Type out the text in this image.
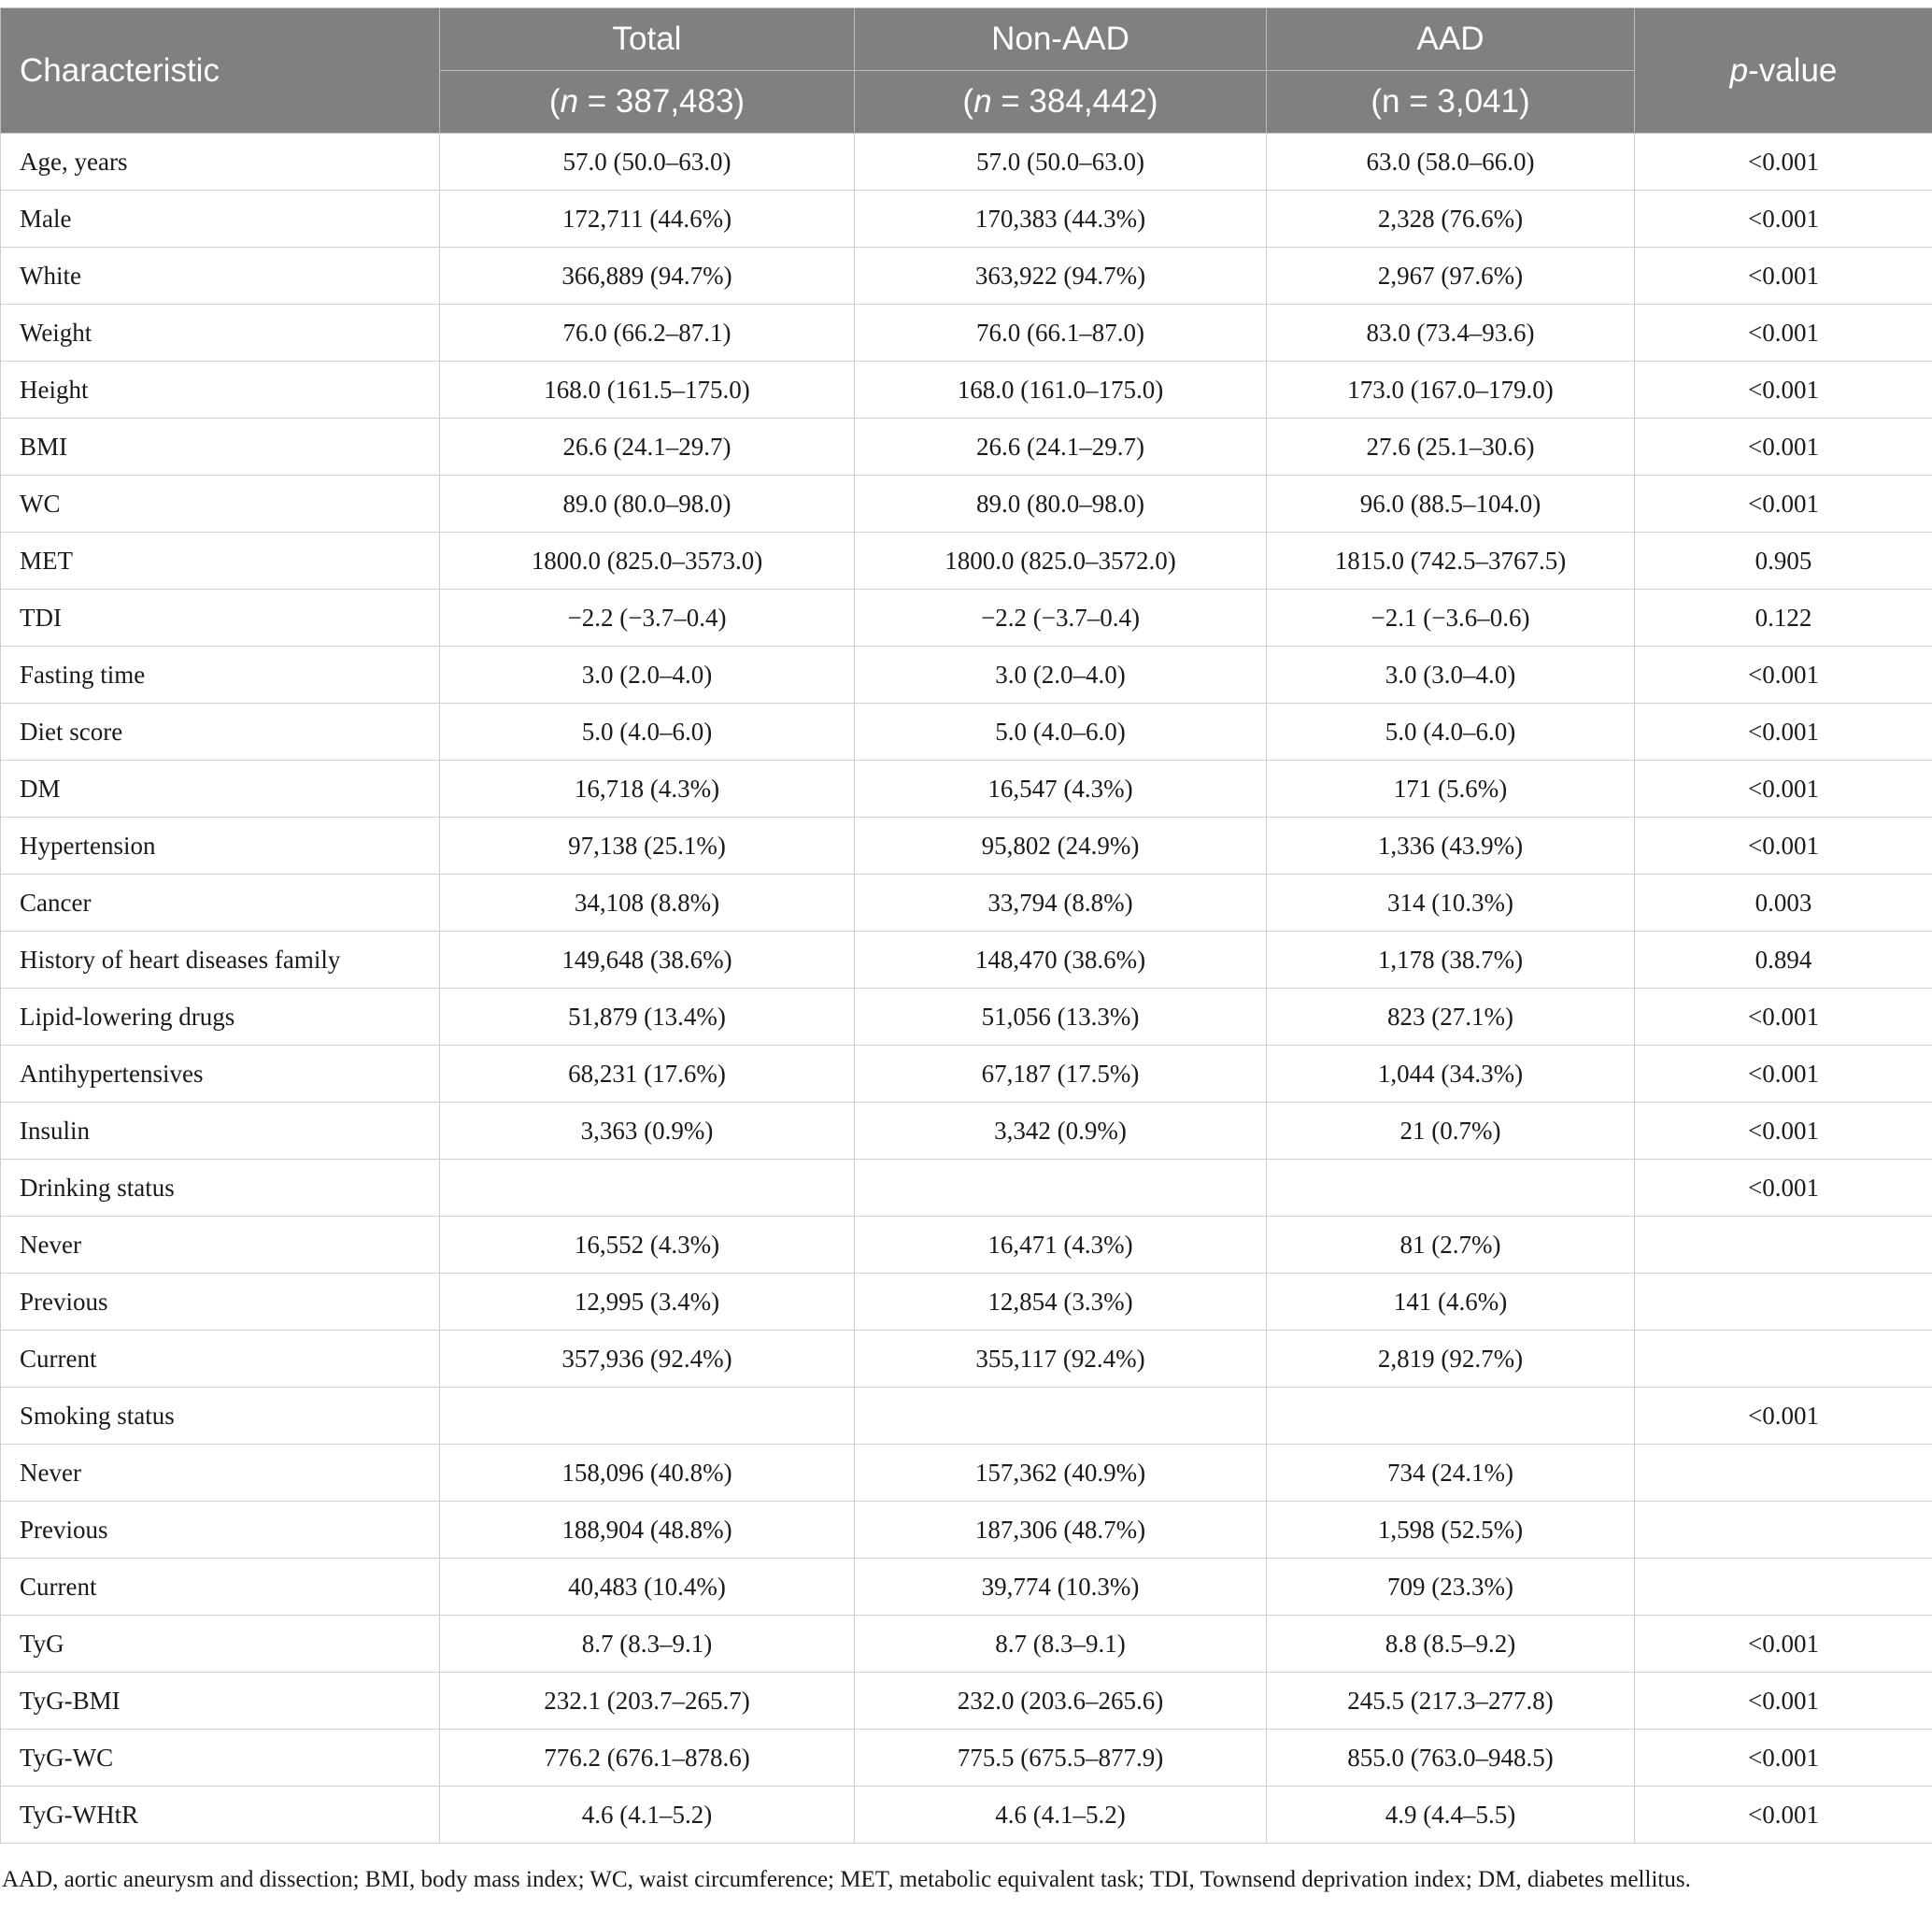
Characteristic	Total	Non-AAD	AAD	p-value
	(n = 387,483)	(n = 384,442)	(n = 3,041)	
Age, years	57.0 (50.0–63.0)	57.0 (50.0–63.0)	63.0 (58.0–66.0)	<0.001
Male	172,711 (44.6%)	170,383 (44.3%)	2,328 (76.6%)	<0.001
White	366,889 (94.7%)	363,922 (94.7%)	2,967 (97.6%)	<0.001
Weight	76.0 (66.2–87.1)	76.0 (66.1–87.0)	83.0 (73.4–93.6)	<0.001
Height	168.0 (161.5–175.0)	168.0 (161.0–175.0)	173.0 (167.0–179.0)	<0.001
BMI	26.6 (24.1–29.7)	26.6 (24.1–29.7)	27.6 (25.1–30.6)	<0.001
WC	89.0 (80.0–98.0)	89.0 (80.0–98.0)	96.0 (88.5–104.0)	<0.001
MET	1800.0 (825.0–3573.0)	1800.0 (825.0–3572.0)	1815.0 (742.5–3767.5)	0.905
TDI	−2.2 (−3.7–0.4)	−2.2 (−3.7–0.4)	−2.1 (−3.6–0.6)	0.122
Fasting time	3.0 (2.0–4.0)	3.0 (2.0–4.0)	3.0 (3.0–4.0)	<0.001
Diet score	5.0 (4.0–6.0)	5.0 (4.0–6.0)	5.0 (4.0–6.0)	<0.001
DM	16,718 (4.3%)	16,547 (4.3%)	171 (5.6%)	<0.001
Hypertension	97,138 (25.1%)	95,802 (24.9%)	1,336 (43.9%)	<0.001
Cancer	34,108 (8.8%)	33,794 (8.8%)	314 (10.3%)	0.003
History of heart diseases family	149,648 (38.6%)	148,470 (38.6%)	1,178 (38.7%)	0.894
Lipid-lowering drugs	51,879 (13.4%)	51,056 (13.3%)	823 (27.1%)	<0.001
Antihypertensives	68,231 (17.6%)	67,187 (17.5%)	1,044 (34.3%)	<0.001
Insulin	3,363 (0.9%)	3,342 (0.9%)	21 (0.7%)	<0.001
Drinking status				<0.001
Never	16,552 (4.3%)	16,471 (4.3%)	81 (2.7%)	
Previous	12,995 (3.4%)	12,854 (3.3%)	141 (4.6%)	
Current	357,936 (92.4%)	355,117 (92.4%)	2,819 (92.7%)	
Smoking status				<0.001
Never	158,096 (40.8%)	157,362 (40.9%)	734 (24.1%)	
Previous	188,904 (48.8%)	187,306 (48.7%)	1,598 (52.5%)	
Current	40,483 (10.4%)	39,774 (10.3%)	709 (23.3%)	
TyG	8.7 (8.3–9.1)	8.7 (8.3–9.1)	8.8 (8.5–9.2)	<0.001
TyG-BMI	232.1 (203.7–265.7)	232.0 (203.6–265.6)	245.5 (217.3–277.8)	<0.001
TyG-WC	776.2 (676.1–878.6)	775.5 (675.5–877.9)	855.0 (763.0–948.5)	<0.001
TyG-WHtR	4.6 (4.1–5.2)	4.6 (4.1–5.2)	4.9 (4.4–5.5)	<0.001
AAD, aortic aneurysm and dissection; BMI, body mass index; WC, waist circumference; MET, metabolic equivalent task; TDI, Townsend deprivation index; DM, diabetes mellitus.
